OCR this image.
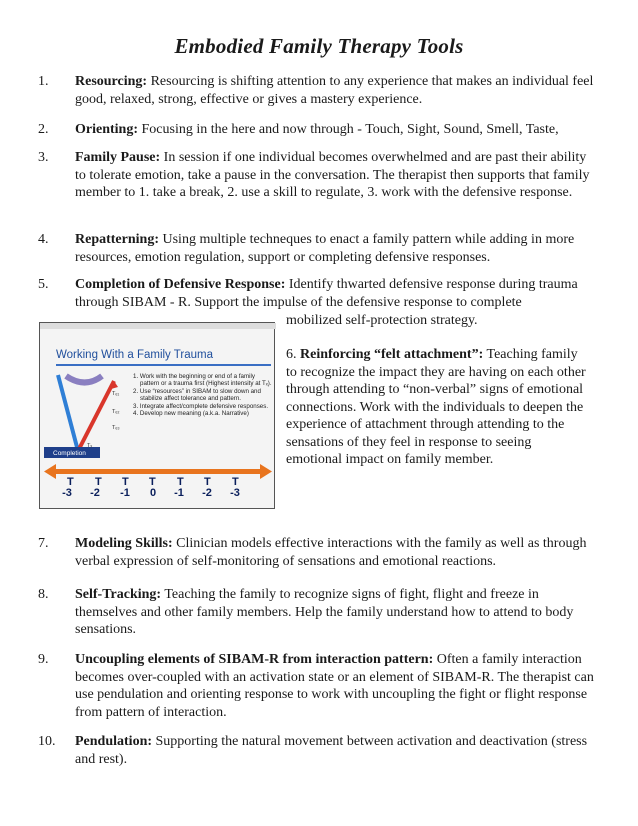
Embodied Family Therapy Tools
1. Resourcing: Resourcing is shifting attention to any experience that makes an individual feel good, relaxed, strong, effective or gives a mastery experience.
2. Orienting: Focusing in the here and now through - Touch, Sight, Sound, Smell, Taste,
3. Family Pause: In session if one individual becomes overwhelmed and are past their ability to tolerate emotion, take a pause in the conversation. The therapist then supports that family member to 1. take a break, 2. use a skill to regulate, 3. work with the defensive response.
4. Repatterning: Using multiple techneques to enact a family pattern while adding in more resources, emotion regulation, support or completing defensive responses.
5. Completion of Defensive Response: Identify thwarted defensive response during trauma through SIBAM - R. Support the impulse of the defensive response to complete
mobilized self-protection strategy.
Completion
Tₑ₁
Tₑ₂
Tₑ₃
Tₓ
T T T T T T T
Working With a Family Trauma
1. Work with the beginning or end of a family pattern or a trauma first (Highest intensity at Tₓ).
2. Use “resources” in SIBAM to slow down and stabilize affect tolerance and pattern.
3. Integrate affect/complete defensive responses.
4. Develop new meaning (a.k.a. Narrative)
-3 -2 -1	0	-1 -2 -3
6. Reinforcing “felt attachment”: Teaching family to recognize the impact they are having on each other through attending to “non-verbal” signs of emotional connections. Work with the individuals to deepen the experience of attachment through attending to the sensations of they feel in response to seeing emotional impact on family member.
7. Modeling Skills: Clinician models effective interactions with the family as well as through verbal expression of self-monitoring of sensations and emotional reactions.
8. Self-Tracking: Teaching the family to recognize signs of fight, flight and freeze in themselves and other family members. Help the family understand how to attend to body sensations.
9. Uncoupling elements of SIBAM-R from interaction pattern: Often a family interaction becomes over-coupled with an activation state or an element of SIBAM-R. The therapist can use pendulation and orienting response to work with uncoupling the fight or flight response from pattern of interaction.
10. Pendulation: Supporting the natural movement between activation and deactivation (stress and rest).
